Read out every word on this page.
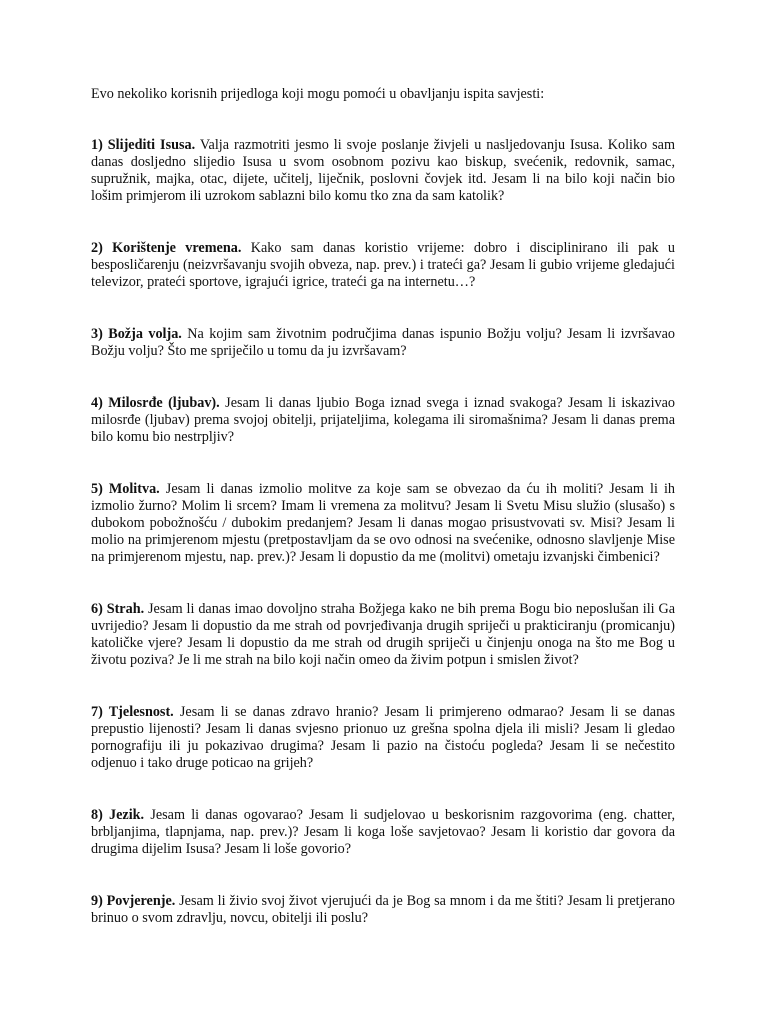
Evo nekoliko korisnih prijedloga koji mogu pomoći u obavljanju ispita savjesti:

1) Slijediti Isusa. Valja razmotriti jesmo li svoje poslanje živjeli u nasljedovanju Isusa. Koliko sam danas dosljedno slijedio Isusa u svom osobnom pozivu kao biskup, svećenik, redovnik, samac, supružnik, majka, otac, dijete, učitelj, liječnik, poslovni čovjek itd. Jesam li na bilo koji način bio lošim primjerom ili uzrokom sablazni bilo komu tko zna da sam katolik?

2) Korištenje vremena. Kako sam danas koristio vrijeme: dobro i disciplinirano ili pak u besposličarenju (neizvršavanju svojih obveza, nap. prev.) i trateći ga? Jesam li gubio vrijeme gledajući televizor, prateći sportove, igrajući igrice, trateći ga na internetu…?

3) Božja volja. Na kojim sam životnim područjima danas ispunio Božju volju? Jesam li izvršavao Božju volju? Što me spriječilo u tomu da ju izvršavam?

4) Milosrđe (ljubav). Jesam li danas ljubio Boga iznad svega i iznad svakoga? Jesam li iskazivao milosrđe (ljubav) prema svojoj obitelji, prijateljima, kolegama ili siromašnima? Jesam li danas prema bilo komu bio nestrpljiv?

5) Molitva. Jesam li danas izmolio molitve za koje sam se obvezao da ću ih moliti? Jesam li ih izmolio žurno? Molim li srcem? Imam li vremena za molitvu? Jesam li Svetu Misu služio (slusašo) s dubokom pobožnošću / dubokim predanjem? Jesam li danas mogao prisustvovati sv. Misi? Jesam li molio na primjerenom mjestu (pretpostavljam da se ovo odnosi na svećenike, odnosno slavljenje Mise na primjerenom mjestu, nap. prev.)? Jesam li dopustio da me (molitvi) ometaju izvanjski čimbenici?

6) Strah. Jesam li danas imao dovoljno straha Božjega kako ne bih prema Bogu bio neposlušan ili Ga uvrijedio? Jesam li dopustio da me strah od povrjeđivanja drugih spriječi u prakticiranju (promicanju) katoličke vjere? Jesam li dopustio da me strah od drugih spriječi u činjenju onoga na što me Bog u životu poziva? Je li me strah na bilo koji način omeo da živim potpun i smislen život?

7) Tjelesnost. Jesam li se danas zdravo hranio? Jesam li primjereno odmarao? Jesam li se danas prepustio lijenosti? Jesam li danas svjesno prionuo uz grešna spolna djela ili misli? Jesam li gledao pornografiju ili ju pokazivao drugima? Jesam li pazio na čistoću pogleda? Jesam li se nečestito odjenuo i tako druge poticao na grijeh?

8) Jezik. Jesam li danas ogovarao? Jesam li sudjelovao u beskorisnim razgovorima (eng. chatter, brbljanjima, tlapnjama, nap. prev.)? Jesam li koga loše savjetovao? Jesam li koristio dar govora da drugima dijelim Isusa? Jesam li loše govorio?

9) Povjerenje. Jesam li živio svoj život vjerujući da je Bog sa mnom i da me štiti? Jesam li pretjerano brinuo o svom zdravlju, novcu, obitelji ili poslu?
